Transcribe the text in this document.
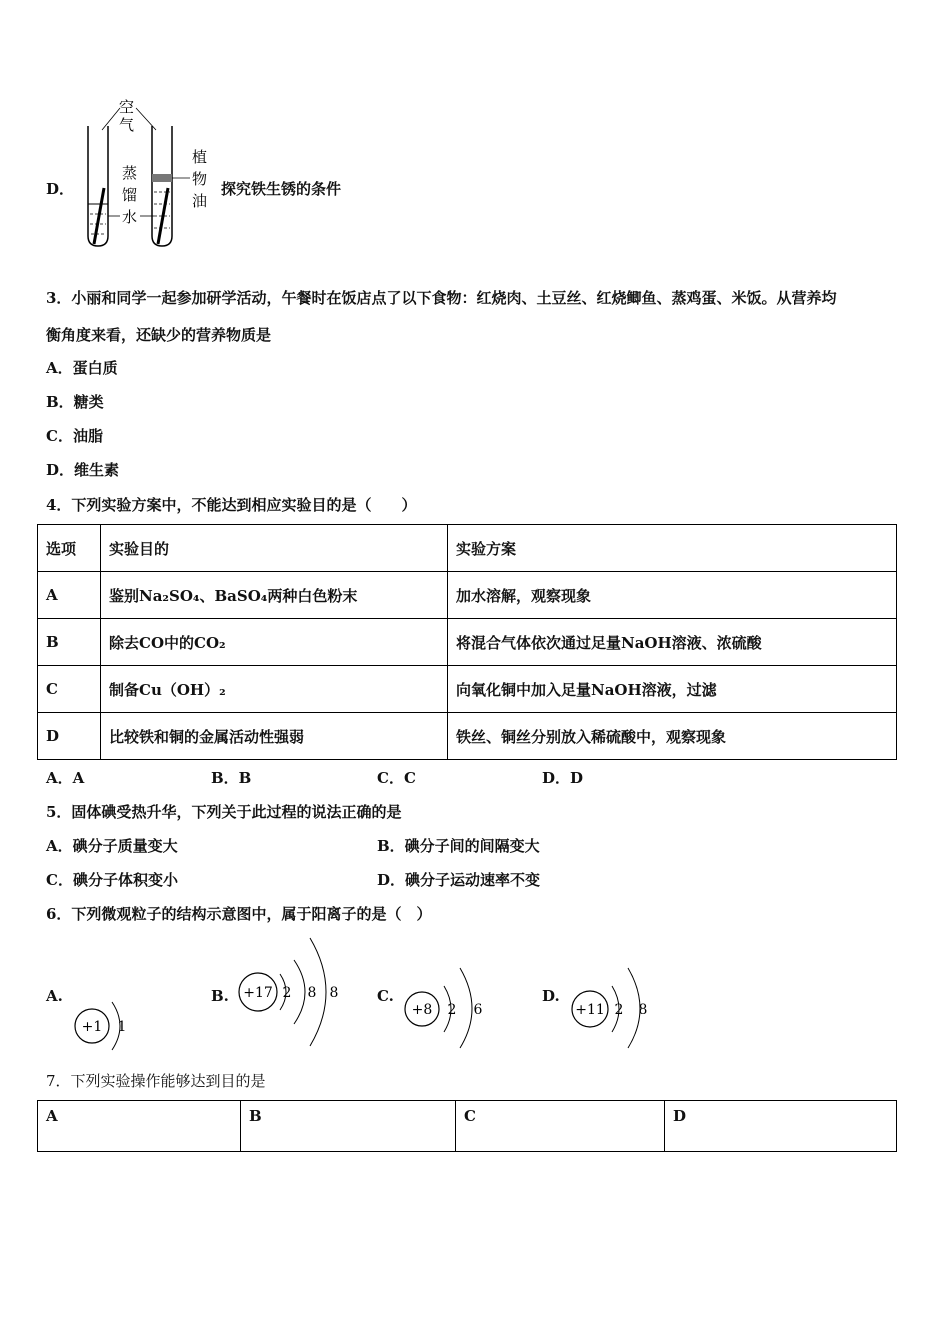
D．
空
气
蒸
馏
水
植
物
油
探究铁生锈的条件
3．小丽和同学一起参加研学活动，午餐时在饭店点了以下食物：红烧肉、土豆丝、红烧鲫鱼、蒸鸡蛋、米饭。从营养均
衡角度来看，还缺少的营养物质是
A．蛋白质
B．糖类
C．油脂
D．维生素
4．下列实验方案中，不能达到相应实验目的是（　　）
选项	实验目的	实验方案
A	鉴别Na₂SO₄、BaSO₄两种白色粉末	加水溶解，观察现象
B	除去CO中的CO₂	将混合气体依次通过足量NaOH溶液、浓硫酸
C	制备Cu（OH）₂	向氧化铜中加入足量NaOH溶液，过滤
D	比较铁和铜的金属活动性强弱	铁丝、铜丝分别放入稀硫酸中，观察现象
A．A	B．B	C．C	D．D
5．固体碘受热升华，下列关于此过程的说法正确的是
A．碘分子质量变大	B．碘分子间的间隔变大
C．碘分子体积变小	D．碘分子运动速率不变
6．下列微观粒子的结构示意图中，属于阳离子的是（　）
A.	B.	C.	D.
+1 1
+17 2 8 8
+8 2 6	+11 2 8
7．下列实验操作能够达到目的是
A	B	C	D
